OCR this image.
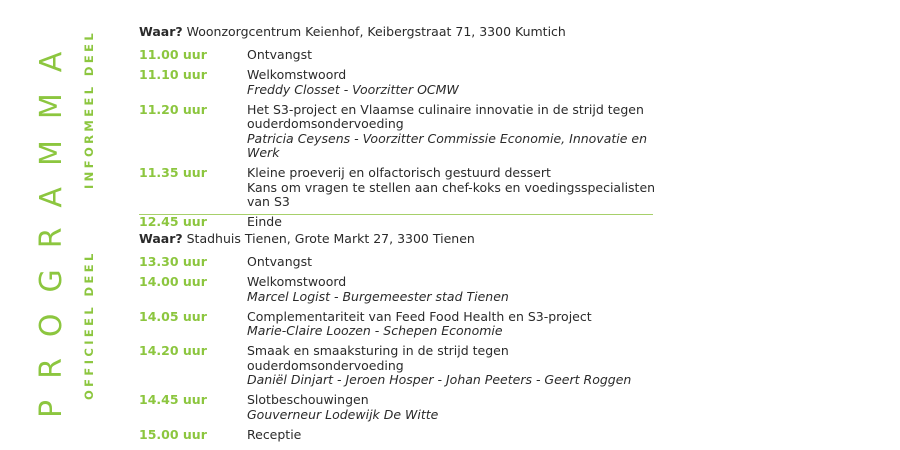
PROGRAMMA INFORMEEL DEEL
OFFICIEEL DEEL
Waar? Woonzorgcentrum Keienhof, Keibergstraat 71, 3300 Kumtich
11.00 uur	Ontvangst
11.10 uur	Welkomstwoord
Freddy Closset - Voorzitter OCMW
11.20 uur	Het S3-project en Vlaamse culinaire innovatie in de strijd tegen
ouderdomsondervoeding
Patricia Ceysens - Voorzitter Commissie Economie, Innovatie en Werk
11.35 uur	Kleine proeverij en olfactorisch gestuurd dessert
Kans om vragen te stellen aan chef-koks en voedingsspecialisten van S3
12.45 uur	Einde
Waar? Stadhuis Tienen, Grote Markt 27, 3300 Tienen
13.30 uur	Ontvangst
14.00 uur	Welkomstwoord
Marcel Logist - Burgemeester stad Tienen
14.05 uur	Complementariteit van Feed Food Health en S3-project
Marie-Claire Loozen - Schepen Economie
14.20 uur	Smaak en smaaksturing in de strijd tegen ouderdomsondervoeding
Daniël Dinjart - Jeroen Hosper - Johan Peeters - Geert Roggen
14.45 uur	Slotbeschouwingen
Gouverneur Lodewijk De Witte
15.00 uur	Receptie
